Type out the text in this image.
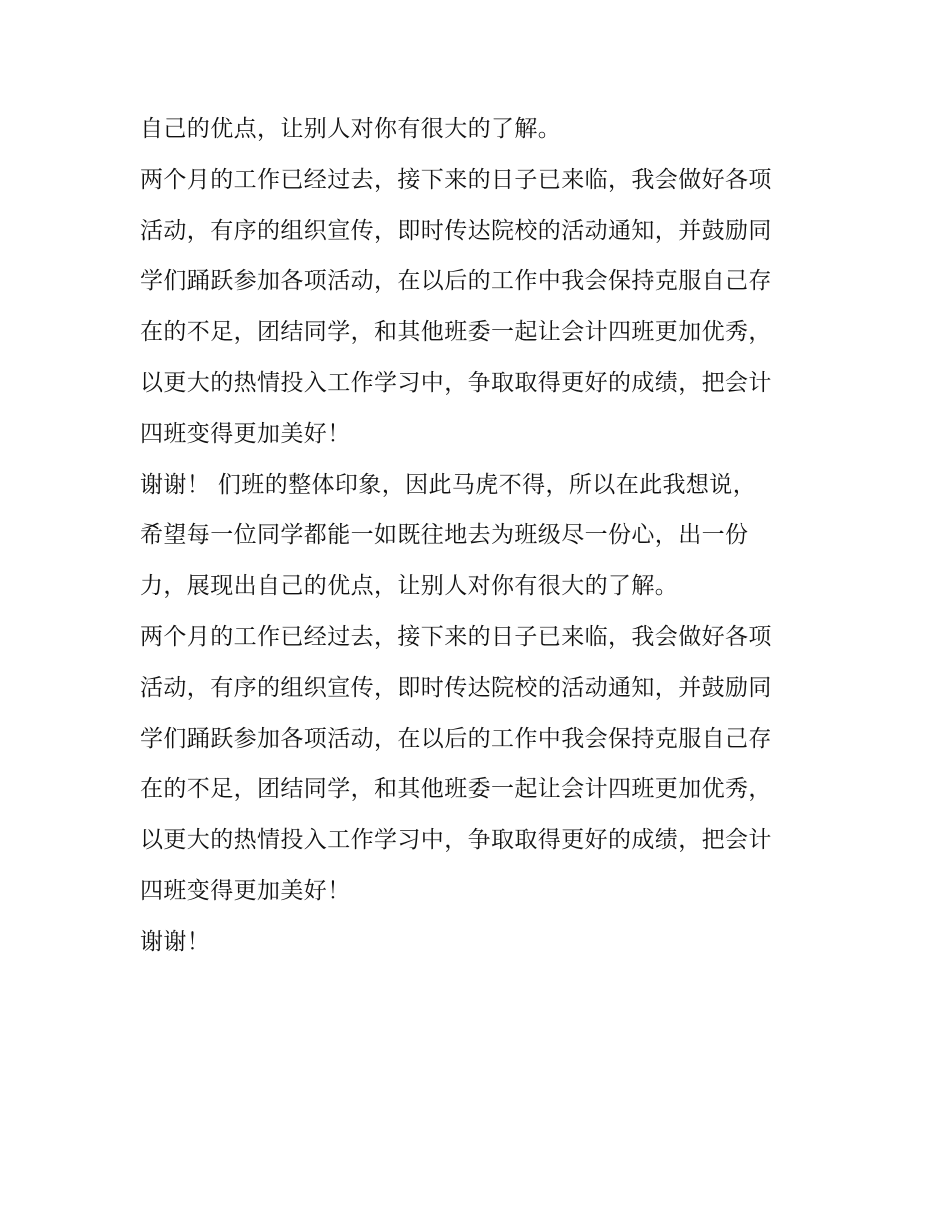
自己的优点，让别人对你有很大的了解。
两个月的工作已经过去，接下来的日子已来临，我会做好各项
活动，有序的组织宣传，即时传达院校的活动通知，并鼓励同
学们踊跃参加各项活动，在以后的工作中我会保持克服自己存
在的不足，团结同学，和其他班委一起让会计四班更加优秀，
以更大的热情投入工作学习中，争取取得更好的成绩，把会计
四班变得更加美好！
谢谢！ 们班的整体印象，因此马虎不得，所以在此我想说，
希望每一位同学都能一如既往地去为班级尽一份心，出一份
力，展现出自己的优点，让别人对你有很大的了解。
两个月的工作已经过去，接下来的日子已来临，我会做好各项
活动，有序的组织宣传，即时传达院校的活动通知，并鼓励同
学们踊跃参加各项活动，在以后的工作中我会保持克服自己存
在的不足，团结同学，和其他班委一起让会计四班更加优秀，
以更大的热情投入工作学习中，争取取得更好的成绩，把会计
四班变得更加美好！
谢谢！
